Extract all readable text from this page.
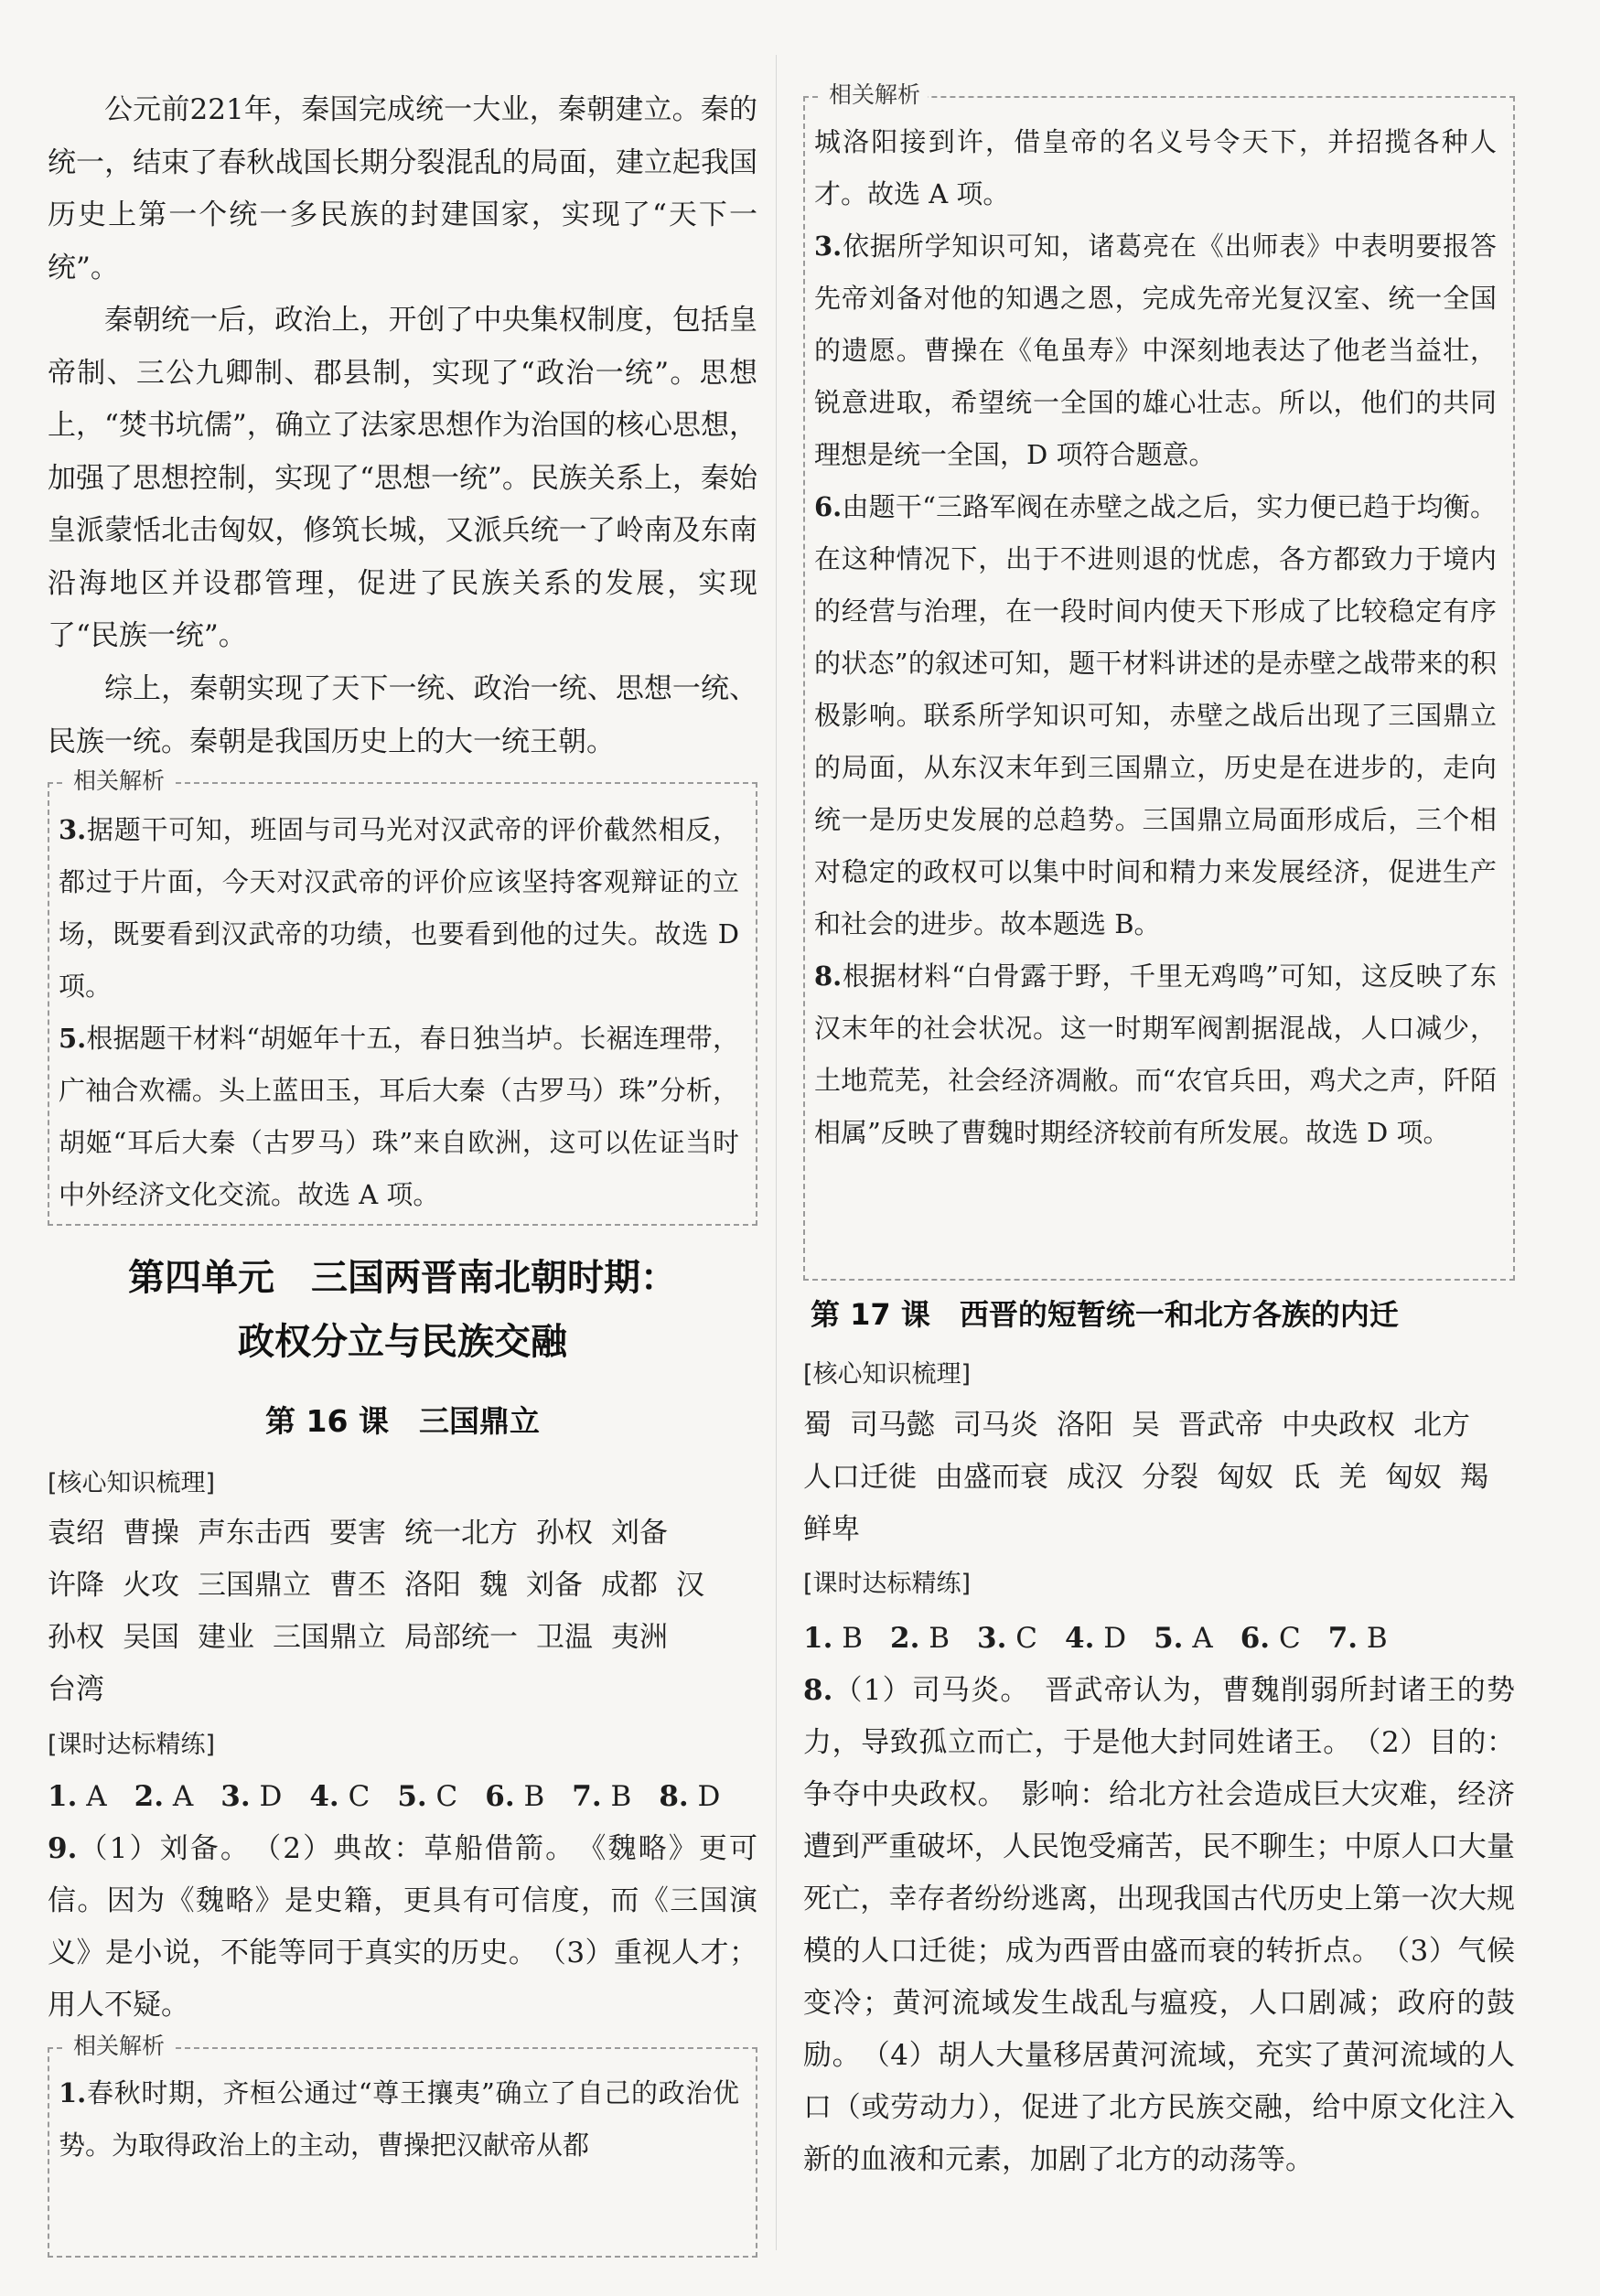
公元前221年，秦国完成统一大业，秦朝建立。秦的统一，结束了春秋战国长期分裂混乱的局面，建立起我国历史上第一个统一多民族的封建国家，实现了“天下一统”。

秦朝统一后，政治上，开创了中央集权制度，包括皇帝制、三公九卿制、郡县制，实现了“政治一统”。思想上，“焚书坑儒”，确立了法家思想作为治国的核心思想，加强了思想控制，实现了“思想一统”。民族关系上，秦始皇派蒙恬北击匈奴，修筑长城，又派兵统一了岭南及东南沿海地区并设郡管理，促进了民族关系的发展，实现了“民族一统”。

综上，秦朝实现了天下一统、政治一统、思想一统、民族一统。秦朝是我国历史上的大一统王朝。

相关解析

3.据题干可知，班固与司马光对汉武帝的评价截然相反，都过于片面，今天对汉武帝的评价应该坚持客观辩证的立场，既要看到汉武帝的功绩，也要看到他的过失。故选 D 项。

5.根据题干材料“胡姬年十五，春日独当垆。长裾连理带，广袖合欢襦。头上蓝田玉，耳后大秦（古罗马）珠”分析，胡姬“耳后大秦（古罗马）珠”来自欧洲，这可以佐证当时中外经济文化交流。故选 A 项。

第四单元　三国两晋南北朝时期：

政权分立与民族交融

第 16 课　三国鼎立

[ 核心知识梳理 ]

袁绍 曹操 声东击西 要害 统一北方 孙权 刘备许降 火攻 三国鼎立 曹丕 洛阳 魏 刘备 成都 汉孙权 吴国 建业 三国鼎立 局部统一 卫温 夷洲台湾

[ 课时达标精练 ]

1. A 2. A 3. D 4. C 5. C 6. B 7. B 8. D

9.（1）刘备。　（2）典故：草船借箭。　《魏略》更可信。因为《魏略》是史籍，更具有可信度，而《三国演义》是小说，不能等同于真实的历史。　（3）重视人才；用人不疑。

相关解析

1.春秋时期，齐桓公通过“尊王攘夷”确立了自己的政治优势。为取得政治上的主动，曹操把汉献帝从都

相关解析

城洛阳接到许，借皇帝的名义号令天下，并招揽各种人才。故选 A 项。

3.依据所学知识可知，诸葛亮在《出师表》中表明要报答先帝刘备对他的知遇之恩，完成先帝光复汉室、统一全国的遗愿。曹操在《龟虽寿》中深刻地表达了他老当益壮，锐意进取，希望统一全国的雄心壮志。所以，他们的共同理想是统一全国，D 项符合题意。

6.由题干“三路军阀在赤壁之战之后，实力便已趋于均衡。在这种情况下，出于不进则退的忧虑，各方都致力于境内的经营与治理，在一段时间内使天下形成了比较稳定有序的状态”的叙述可知，题干材料讲述的是赤壁之战带来的积极影响。联系所学知识可知，赤壁之战后出现了三国鼎立的局面，从东汉末年到三国鼎立，历史是在进步的，走向统一是历史发展的总趋势。三国鼎立局面形成后，三个相对稳定的政权可以集中时间和精力来发展经济，促进生产和社会的进步。故本题选 B。

8.根据材料“白骨露于野，千里无鸡鸣”可知，这反映了东汉末年的社会状况。这一时期军阀割据混战，人口减少，土地荒芜，社会经济凋敝。而“农官兵田，鸡犬之声，阡陌相属”反映了曹魏时期经济较前有所发展。故选 D 项。

第 17 课　西晋的短暂统一和北方各族的内迁

[ 核心知识梳理 ]

蜀 司马懿 司马炎 洛阳 吴 晋武帝 中央政权 北方人口迁徙 由盛而衰 成汉 分裂 匈奴 氐 羌 匈奴 羯鲜卑

[ 课时达标精练 ]

1. B 2. B 3. C 4. D 5. A 6. C 7. B

8.（1）司马炎。　晋武帝认为，曹魏削弱所封诸王的势力，导致孤立而亡，于是他大封同姓诸王。　（2）目的：争夺中央政权。　影响：给北方社会造成巨大灾难，经济遭到严重破坏，人民饱受痛苦，民不聊生；中原人口大量死亡，幸存者纷纷逃离，出现我国古代历史上第一次大规模的人口迁徙；成为西晋由盛而衰的转折点。　（3）气候变冷；黄河流域发生战乱与瘟疫，人口剧减；政府的鼓励。　（4）胡人大量移居黄河流域，充实了黄河流域的人口（或劳动力），促进了北方民族交融，给中原文化注入新的血液和元素，加剧了北方的动荡等。
